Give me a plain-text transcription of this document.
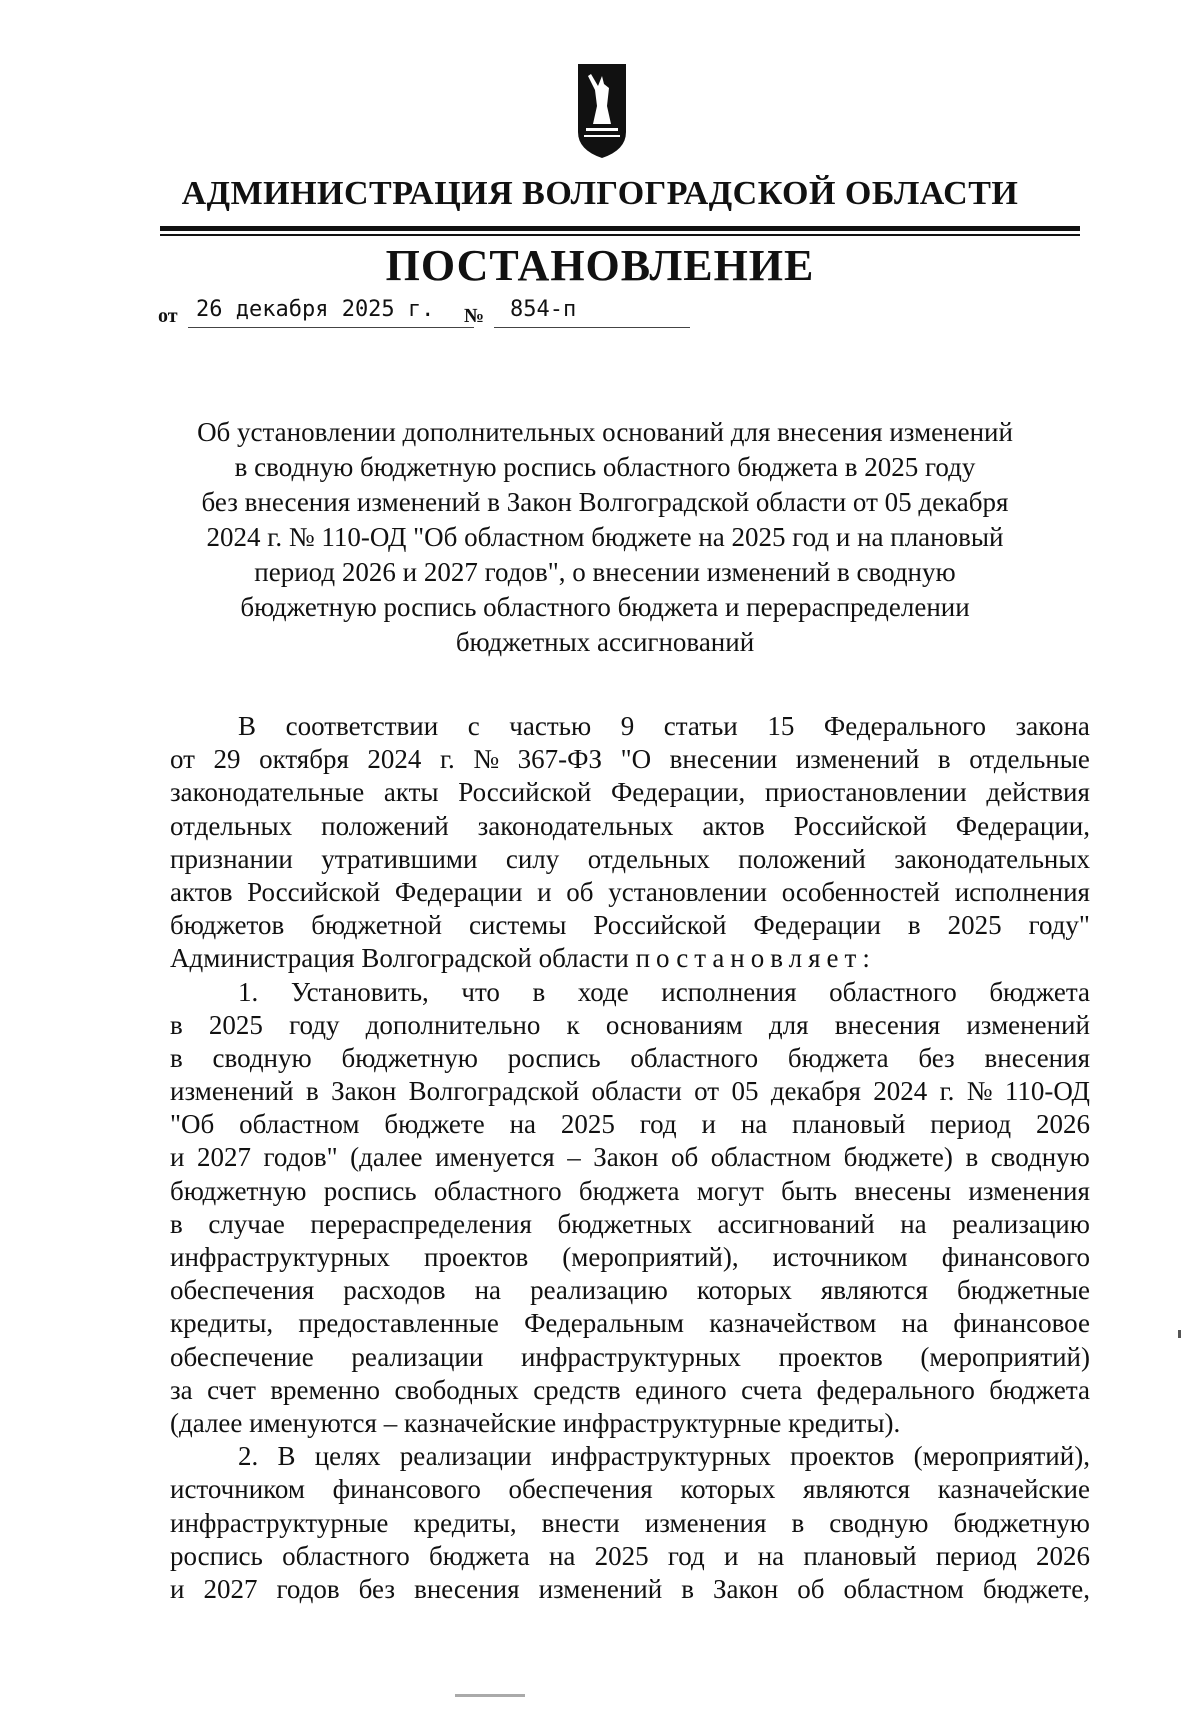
АДМИНИСТРАЦИЯ ВОЛГОГРАДСКОЙ ОБЛАСТИ
ПОСТАНОВЛЕНИЕ
от 26 декабря 2025 г. № 854-п
Об установлении дополнительных оснований для внесения изменений
в сводную бюджетную роспись областного бюджета в 2025 году
без внесения изменений в Закон Волгоградской области от 05 декабря
2024 г. № 110-ОД "Об областном бюджете на 2025 год и на плановый
период 2026 и 2027 годов", о внесении изменений в сводную
бюджетную роспись областного бюджета и перераспределении
бюджетных ассигнований
В соответствии с частью 9 статьи 15 Федерального закона
от 29 октября 2024 г. № 367-ФЗ "О внесении изменений в отдельные
законодательные акты Российской Федерации, приостановлении действия
отдельных положений законодательных актов Российской Федерации,
признании утратившими силу отдельных положений законодательных
актов Российской Федерации и об установлении особенностей исполнения
бюджетов бюджетной системы Российской Федерации в 2025 году"
Администрация Волгоградской области
постановляет:
1. Установить, что в ходе исполнения областного бюджета
в 2025 году дополнительно к основаниям для внесения изменений
в сводную бюджетную роспись областного бюджета без внесения
изменений в Закон Волгоградской области от 05 декабря 2024 г. № 110-ОД
"Об областном бюджете на 2025 год и на плановый период 2026
и 2027 годов" (далее именуется – Закон об областном бюджете) в сводную
бюджетную роспись областного бюджета могут быть внесены изменения
в случае перераспределения бюджетных ассигнований на реализацию
инфраструктурных проектов (мероприятий), источником финансового
обеспечения расходов на реализацию которых являются бюджетные
кредиты, предоставленные Федеральным казначейством на финансовое
обеспечение реализации инфраструктурных проектов (мероприятий)
за счет временно свободных средств единого счета федерального бюджета
(далее именуются – казначейские инфраструктурные кредиты).
2. В целях реализации инфраструктурных проектов (мероприятий),
источником финансового обеспечения которых являются казначейские
инфраструктурные кредиты, внести изменения в сводную бюджетную
роспись областного бюджета на 2025 год и на плановый период 2026
и 2027 годов без внесения изменений в Закон об областном бюджете,
